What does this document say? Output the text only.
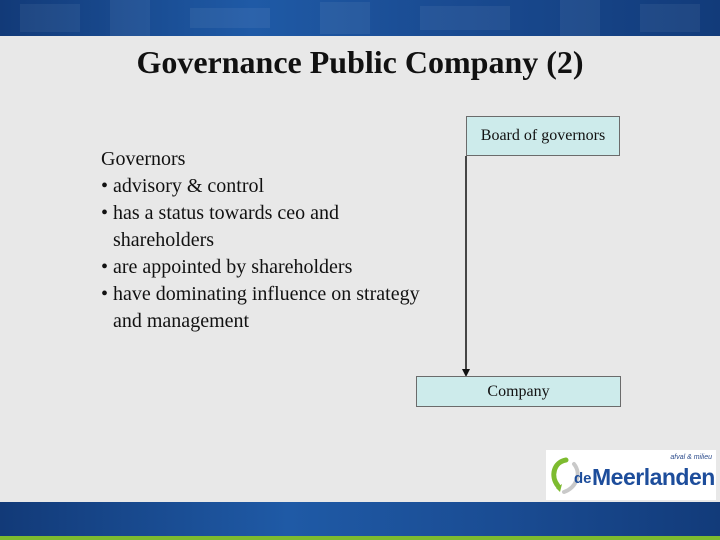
Governance Public Company (2)
Governors
• advisory & control
• has a status towards ceo and shareholders
• are appointed by shareholders
• have dominating influence on strategy and management
Board of governors
Company
afval & milieu
de Meerlanden
